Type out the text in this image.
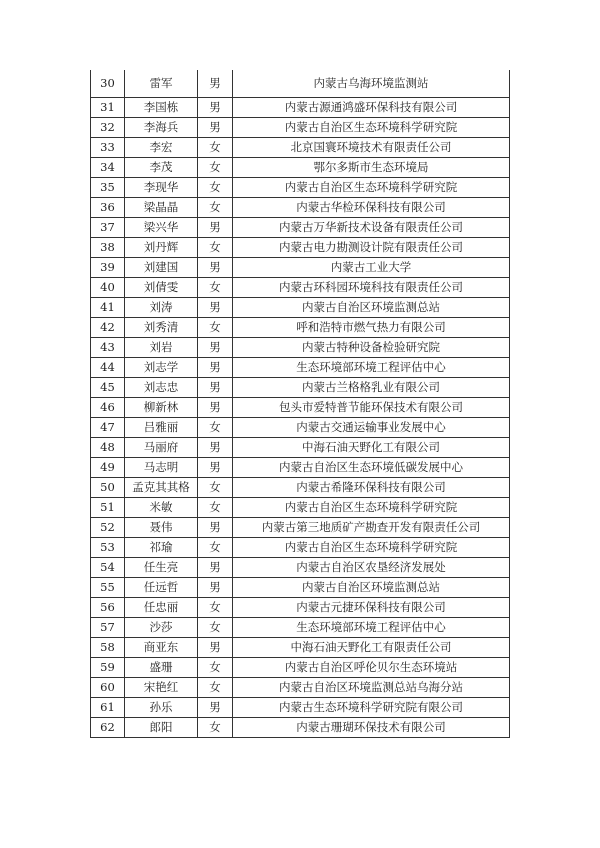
30	雷军	男	内蒙古乌海环境监测站
31	李国栋	男	内蒙古源通鸿盛环保科技有限公司
32	李海兵	男	内蒙古自治区生态环境科学研究院
33	李宏	女	北京国寰环境技术有限责任公司
34	李茂	女	鄂尔多斯市生态环境局
35	李现华	女	内蒙古自治区生态环境科学研究院
36	梁晶晶	女	内蒙古华检环保科技有限公司
37	梁兴华	男	内蒙古万华新技术设备有限责任公司
38	刘丹辉	女	内蒙古电力勘测设计院有限责任公司
39	刘建国	男	内蒙古工业大学
40	刘倩雯	女	内蒙古环科园环境科技有限责任公司
41	刘涛	男	内蒙古自治区环境监测总站
42	刘秀清	女	呼和浩特市燃气热力有限公司
43	刘岩	男	内蒙古特种设备检验研究院
44	刘志学	男	生态环境部环境工程评估中心
45	刘志忠	男	内蒙古兰格格乳业有限公司
46	柳新林	男	包头市爱特普节能环保技术有限公司
47	吕雅丽	女	内蒙古交通运输事业发展中心
48	马丽府	男	中海石油天野化工有限公司
49	马志明	男	内蒙古自治区生态环境低碳发展中心
50	孟克其其格	女	内蒙古希隆环保科技有限公司
51	米敏	女	内蒙古自治区生态环境科学研究院
52	聂伟	男	内蒙古第三地质矿产勘查开发有限责任公司
53	祁瑜	女	内蒙古自治区生态环境科学研究院
54	任生亮	男	内蒙古自治区农垦经济发展处
55	任远哲	男	内蒙古自治区环境监测总站
56	任忠丽	女	内蒙古元捷环保科技有限公司
57	沙莎	女	生态环境部环境工程评估中心
58	商亚东	男	中海石油天野化工有限责任公司
59	盛珊	女	内蒙古自治区呼伦贝尔生态环境站
60	宋艳红	女	内蒙古自治区环境监测总站乌海分站
61	孙乐	男	内蒙古生态环境科学研究院有限公司
62	郎阳	女	内蒙古珊瑚环保技术有限公司
